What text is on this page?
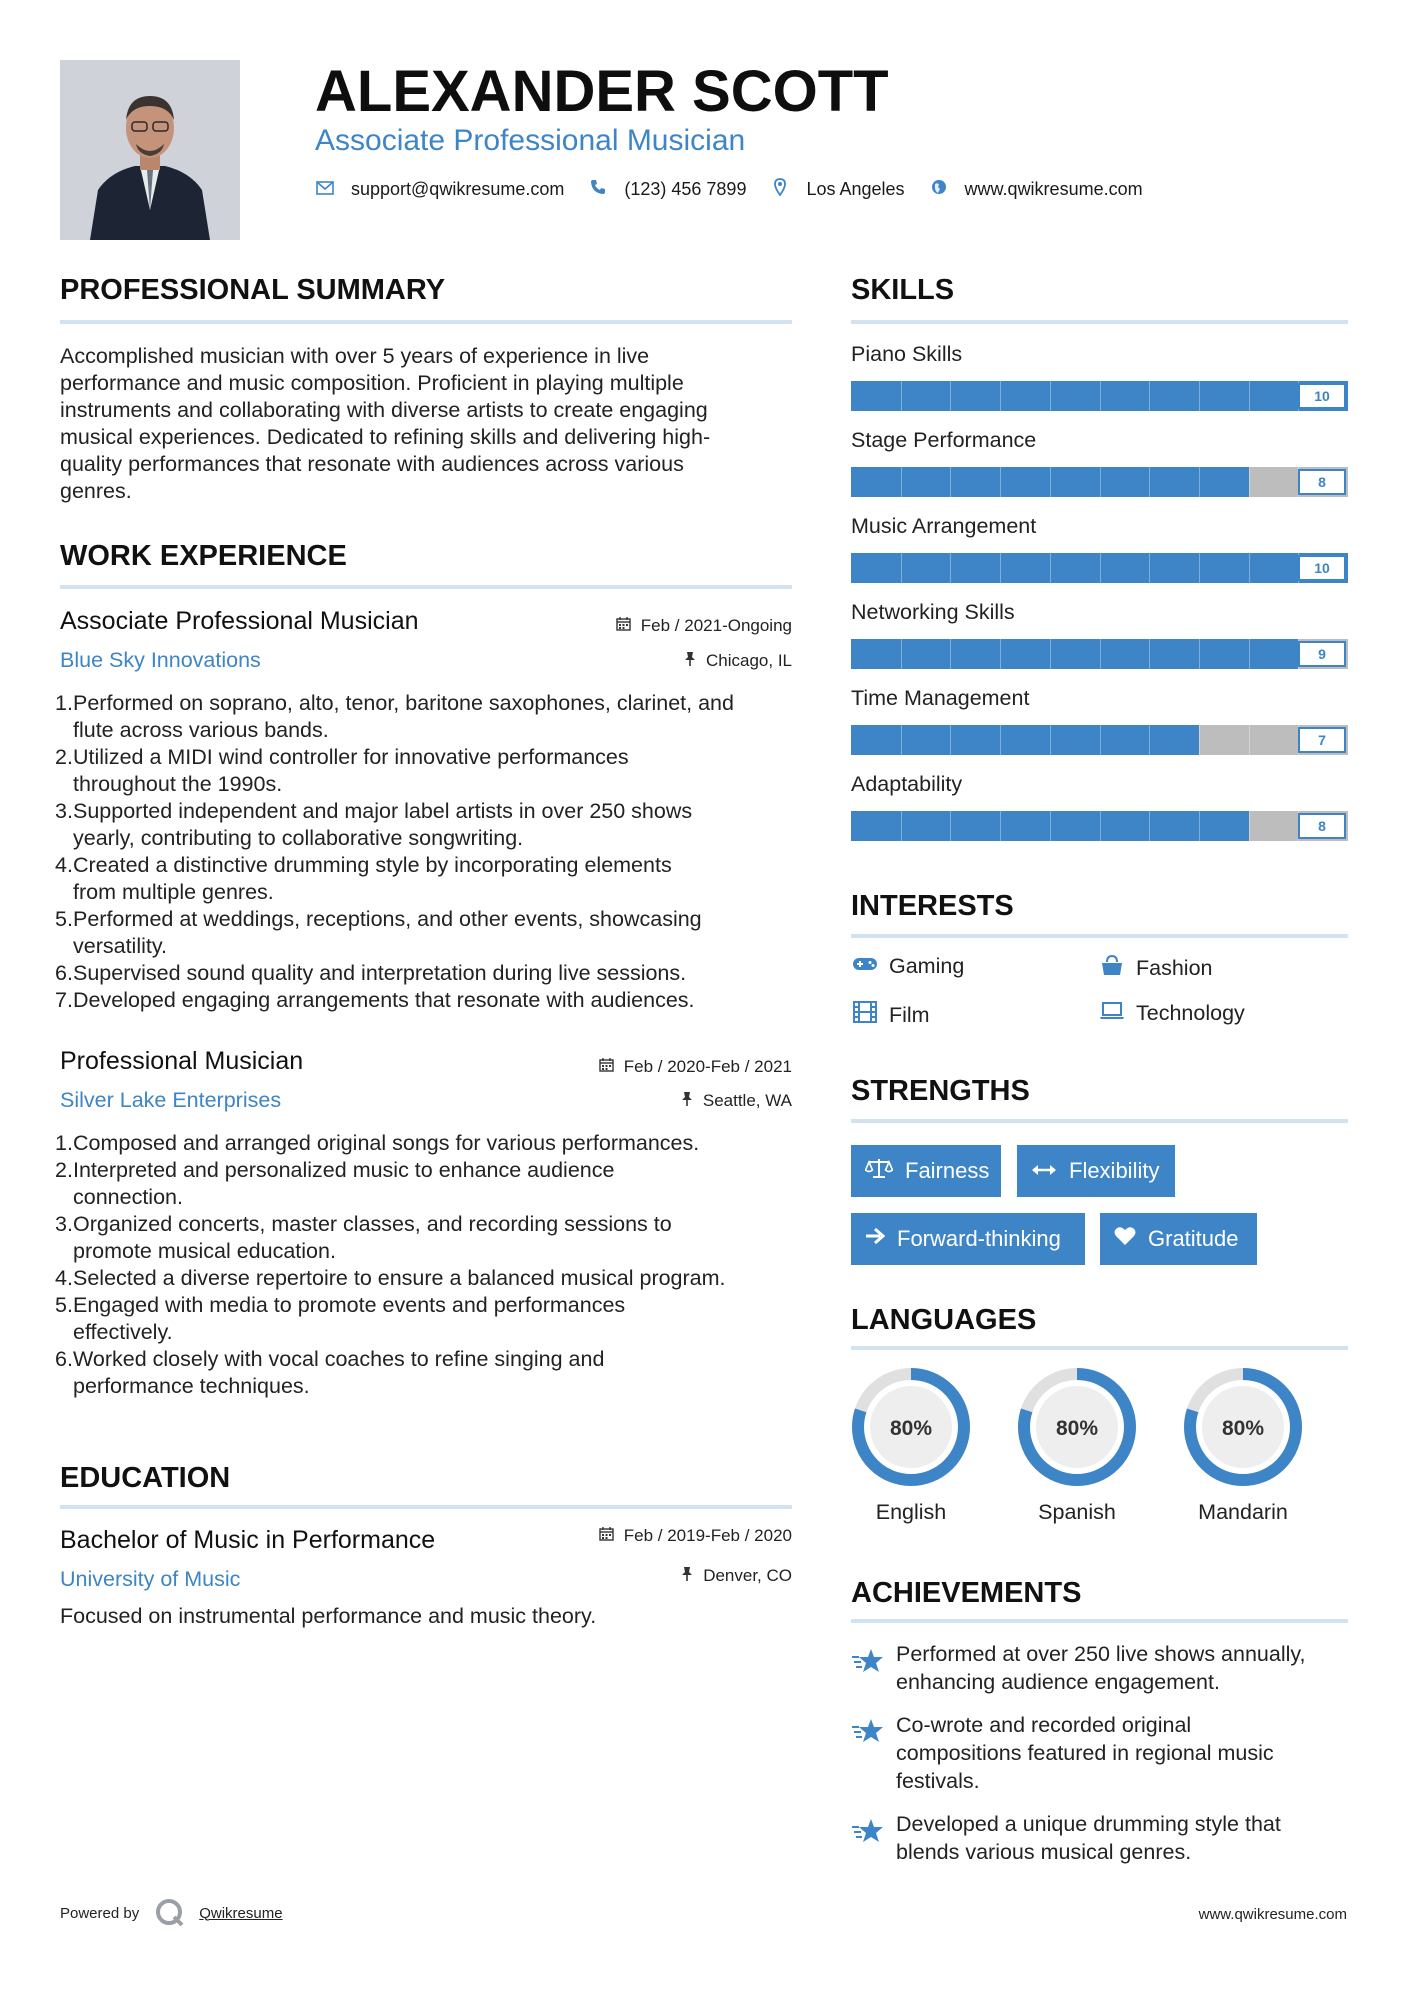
ALEXANDER SCOTT
Associate Professional Musician
support@qwikresume.com	(123) 456 7899	Los Angeles	www.qwikresume.com
PROFESSIONAL SUMMARY
Accomplished musician with over 5 years of experience in live
performance and music composition. Proficient in playing multiple
instruments and collaborating with diverse artists to create engaging
musical experiences. Dedicated to refining skills and delivering high-
quality performances that resonate with audiences across various
genres.
WORK EXPERIENCE
Associate Professional Musician
Blue Sky Innovations
Feb / 2021-Ongoing
Chicago, IL
1. Performed on soprano, alto, tenor, baritone saxophones, clarinet, and
flute across various bands.
2. Utilized a MIDI wind controller for innovative performances
throughout the 1990s.
3. Supported independent and major label artists in over 250 shows
yearly, contributing to collaborative songwriting.
4. Created a distinctive drumming style by incorporating elements
from multiple genres.
5. Performed at weddings, receptions, and other events, showcasing
versatility.
6. Supervised sound quality and interpretation during live sessions.
7. Developed engaging arrangements that resonate with audiences.
Professional Musician
Silver Lake Enterprises
Feb / 2020-Feb / 2021
Seattle, WA
1. Composed and arranged original songs for various performances.
2. Interpreted and personalized music to enhance audience
connection.
3. Organized concerts, master classes, and recording sessions to
promote musical education.
4. Selected a diverse repertoire to ensure a balanced musical program.
5. Engaged with media to promote events and performances
effectively.
6. Worked closely with vocal coaches to refine singing and
performance techniques.
EDUCATION
Bachelor of Music in Performance
University of Music
Feb / 2019-Feb / 2020
Denver, CO
Focused on instrumental performance and music theory.
SKILLS
Piano Skills
10
Stage Performance
8
Music Arrangement
10
Networking Skills
9
Time Management
7
Adaptability
8
INTERESTS
Gaming	Fashion
Film	Technology
STRENGTHS
Fairness	Flexibility
Forward-thinking	Gratitude
LANGUAGES
80%
English
80%
Spanish
80%
Mandarin
ACHIEVEMENTS
Performed at over 250 live shows annually,
enhancing audience engagement.
Co-wrote and recorded original
compositions featured in regional music
festivals.
Developed a unique drumming style that
blends various musical genres.
Powered by	Qwikresume	www.qwikresume.com
